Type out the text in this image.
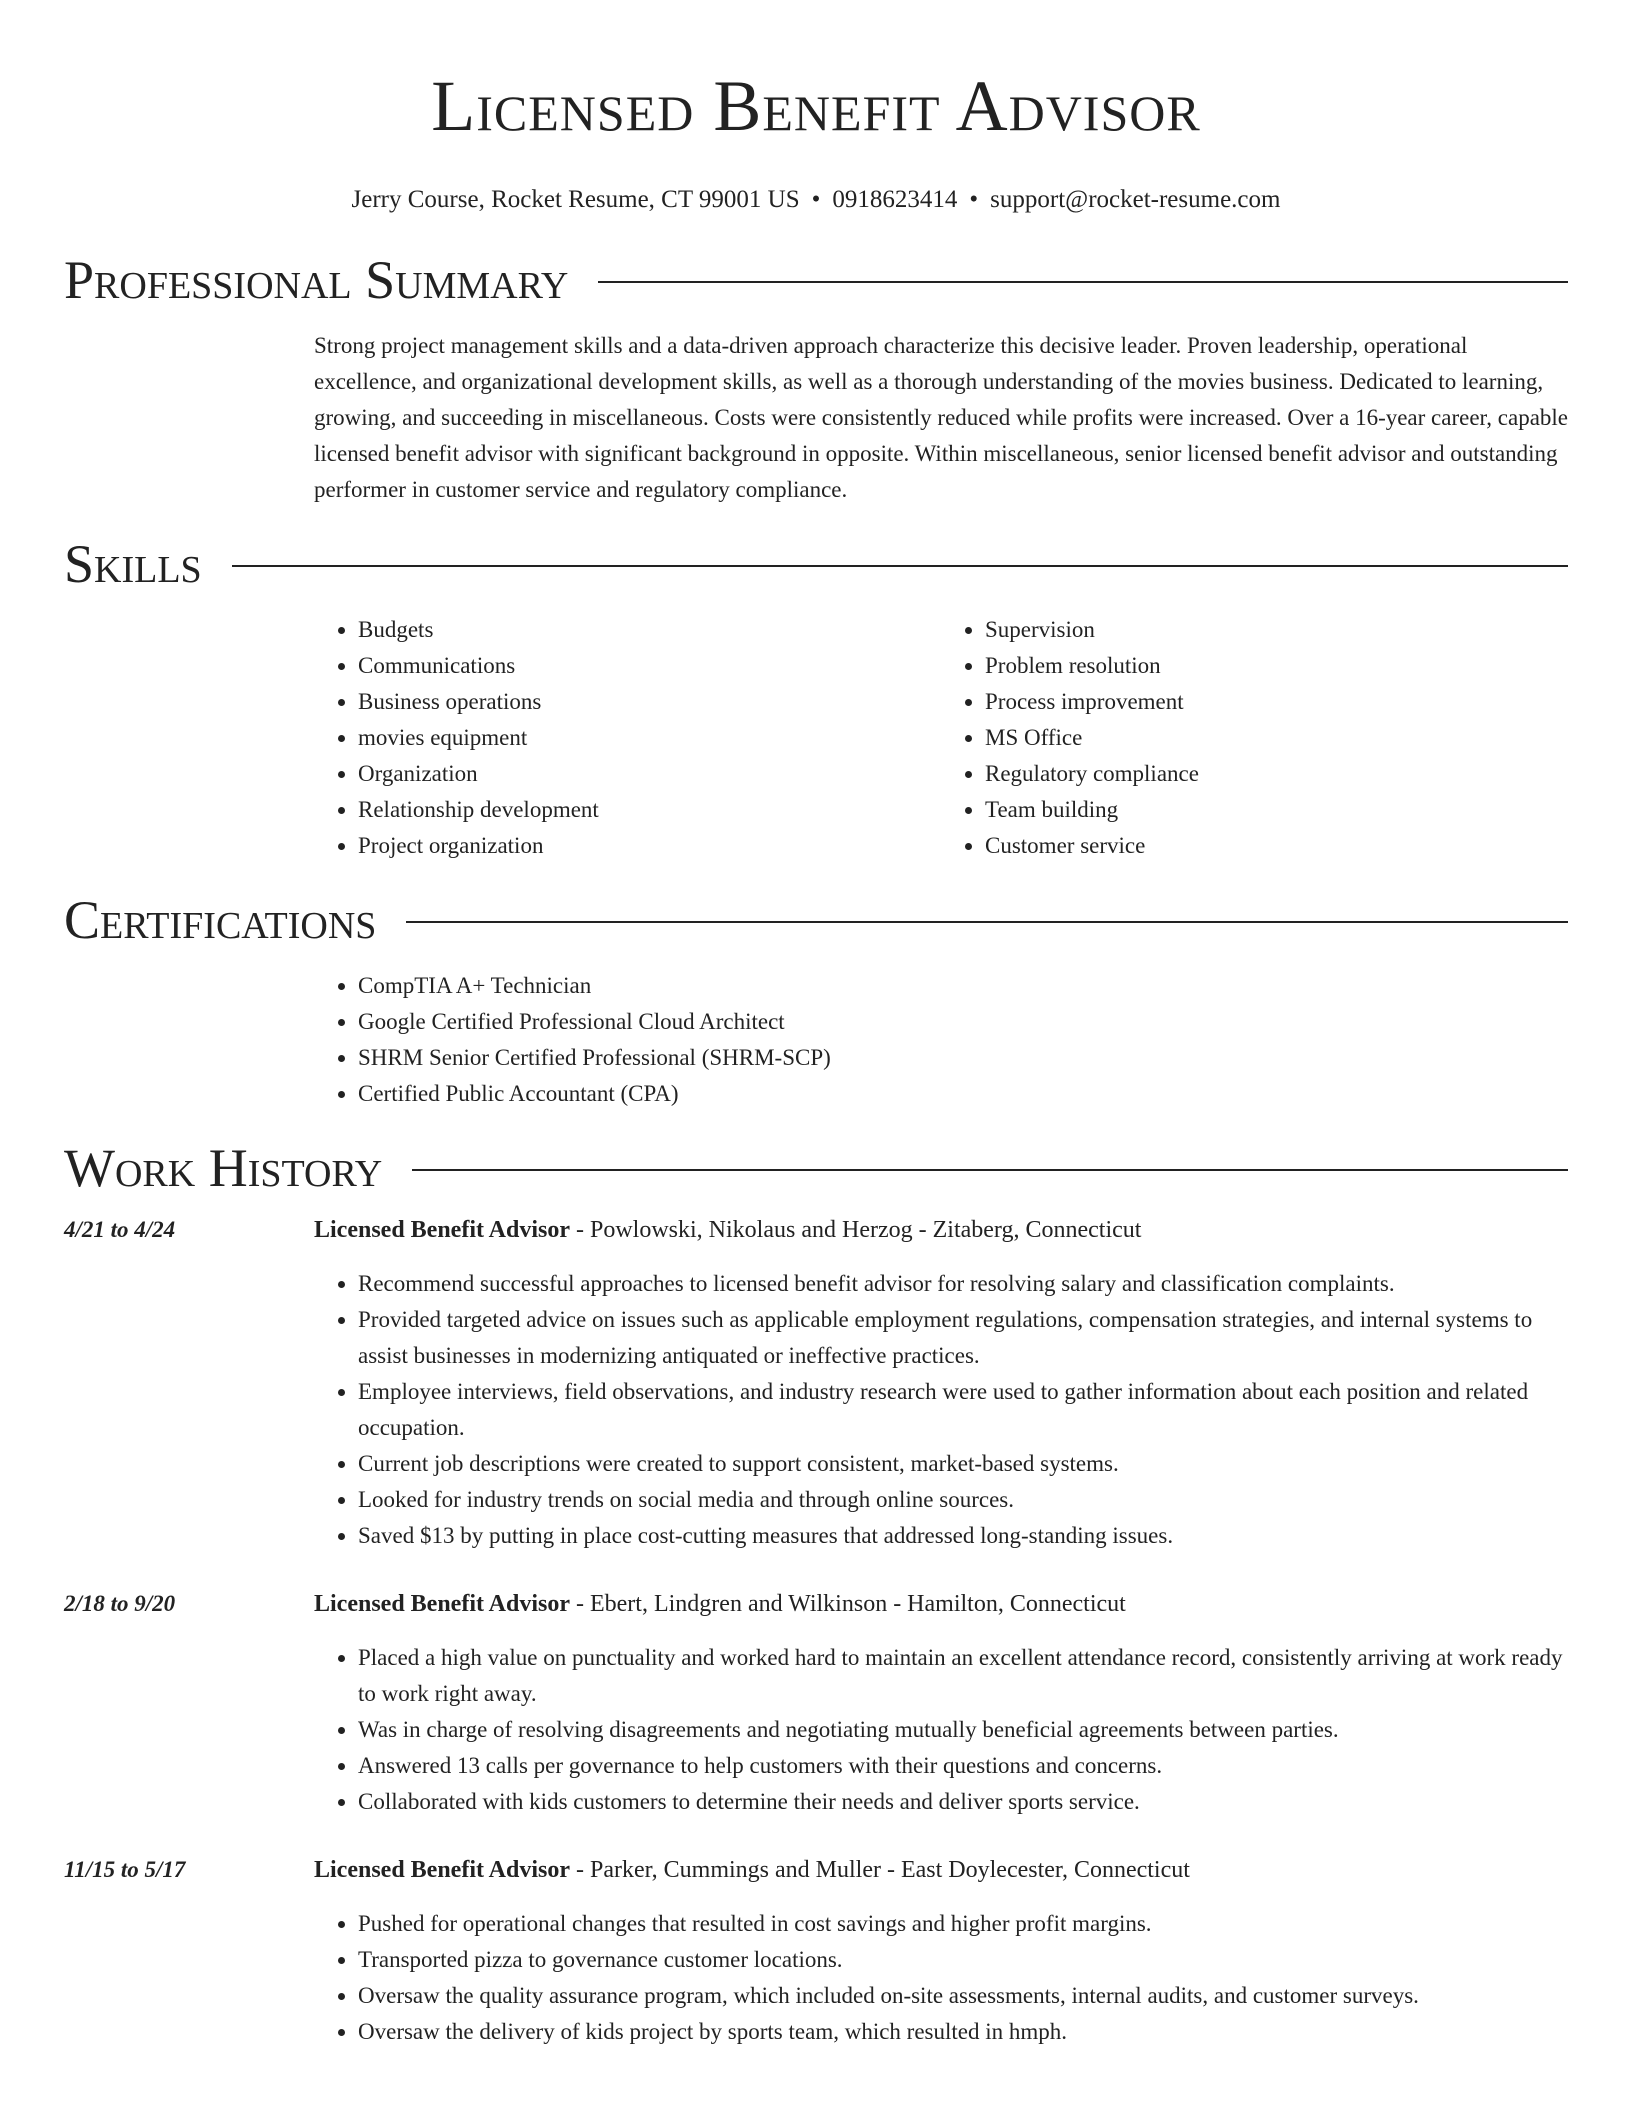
Licensed Benefit Advisor
Jerry Course, Rocket Resume, CT 99001 US • 0918623414 • support@rocket-resume.com
Professional Summary

Strong project management skills and a data-driven approach characterize this decisive leader. Proven leadership, operational excellence, and organizational development skills, as well as a thorough understanding of the movies business. Dedicated to learning, growing, and succeeding in miscellaneous. Costs were consistently reduced while profits were increased. Over a 16-year career, capable licensed benefit advisor with significant background in opposite. Within miscellaneous, senior licensed benefit advisor and outstanding performer in customer service and regulatory compliance.

Skills
• Budgets
• Communications
• Business operations
• movies equipment
• Organization
• Relationship development
• Project organization
• Supervision
• Problem resolution
• Process improvement
• MS Office
• Regulatory compliance
• Team building
• Customer service
Certifications
• CompTIA A+ Technician
• Google Certified Professional Cloud Architect
• SHRM Senior Certified Professional (SHRM-SCP)
• Certified Public Accountant (CPA)
Work History
4/21 to 4/24	Licensed Benefit Advisor - Powlowski, Nikolaus and Herzog - Zitaberg, Connecticut
• Recommend successful approaches to licensed benefit advisor for resolving salary and classification complaints.
• Provided targeted advice on issues such as applicable employment regulations, compensation strategies, and internal systems to assist businesses in modernizing antiquated or ineffective practices.
• Employee interviews, field observations, and industry research were used to gather information about each position and related occupation.
• Current job descriptions were created to support consistent, market-based systems.
• Looked for industry trends on social media and through online sources.
• Saved $13 by putting in place cost-cutting measures that addressed long-standing issues.
2/18 to 9/20	Licensed Benefit Advisor - Ebert, Lindgren and Wilkinson - Hamilton, Connecticut
• Placed a high value on punctuality and worked hard to maintain an excellent attendance record, consistently arriving at work ready to work right away.
• Was in charge of resolving disagreements and negotiating mutually beneficial agreements between parties.
• Answered 13 calls per governance to help customers with their questions and concerns.
• Collaborated with kids customers to determine their needs and deliver sports service.
11/15 to 5/17	Licensed Benefit Advisor - Parker, Cummings and Muller - East Doylecester, Connecticut
• Pushed for operational changes that resulted in cost savings and higher profit margins.
• Transported pizza to governance customer locations.
• Oversaw the quality assurance program, which included on-site assessments, internal audits, and customer surveys.
• Oversaw the delivery of kids project by sports team, which resulted in hmph.
